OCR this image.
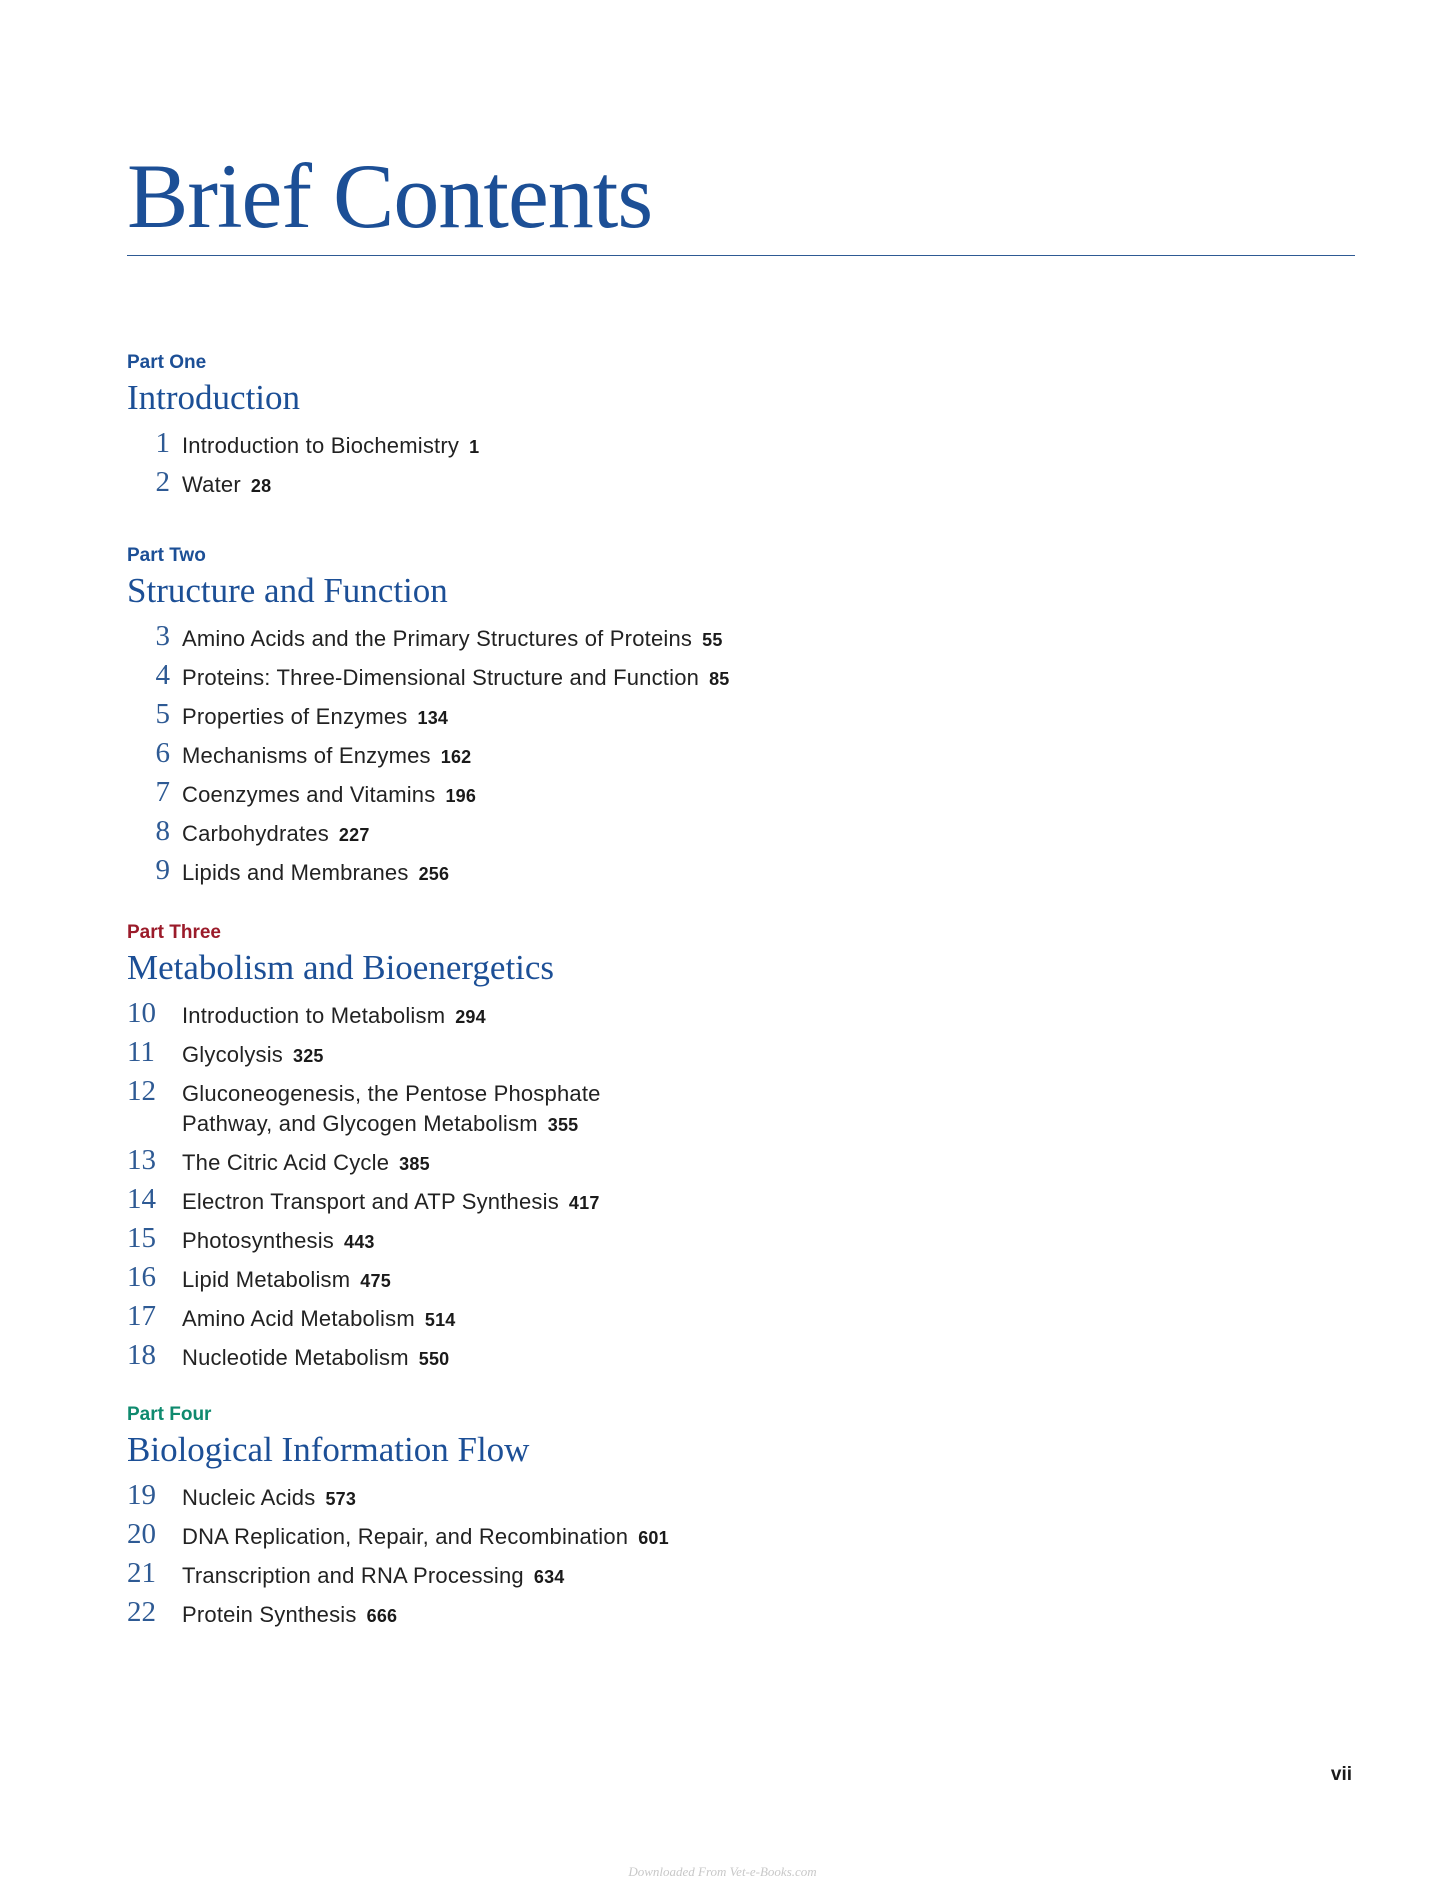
Brief Contents
Part One
Introduction
1 Introduction to Biochemistry 1
2 Water 28
Part Two
Structure and Function
3 Amino Acids and the Primary Structures of Proteins 55
4 Proteins: Three-Dimensional Structure and Function 85
5 Properties of Enzymes 134
6 Mechanisms of Enzymes 162
7 Coenzymes and Vitamins 196
8 Carbohydrates 227
9 Lipids and Membranes 256
Part Three
Metabolism and Bioenergetics
10	Introduction to Metabolism 294
11	Glycolysis 325
12	Gluconeogenesis, the Pentose Phosphate
Pathway, and Glycogen Metabolism 355
13	The Citric Acid Cycle 385
14	Electron Transport and ATP Synthesis 417
15	Photosynthesis 443
16	Lipid Metabolism 475
17	Amino Acid Metabolism 514
18	Nucleotide Metabolism 550
Part Four
Biological Information Flow
19	Nucleic Acids 573
20	DNA Replication, Repair, and Recombination 601
21	Transcription and RNA Processing 634
22	Protein Synthesis 666
vii
Downloaded From Vet-e-Books.com
